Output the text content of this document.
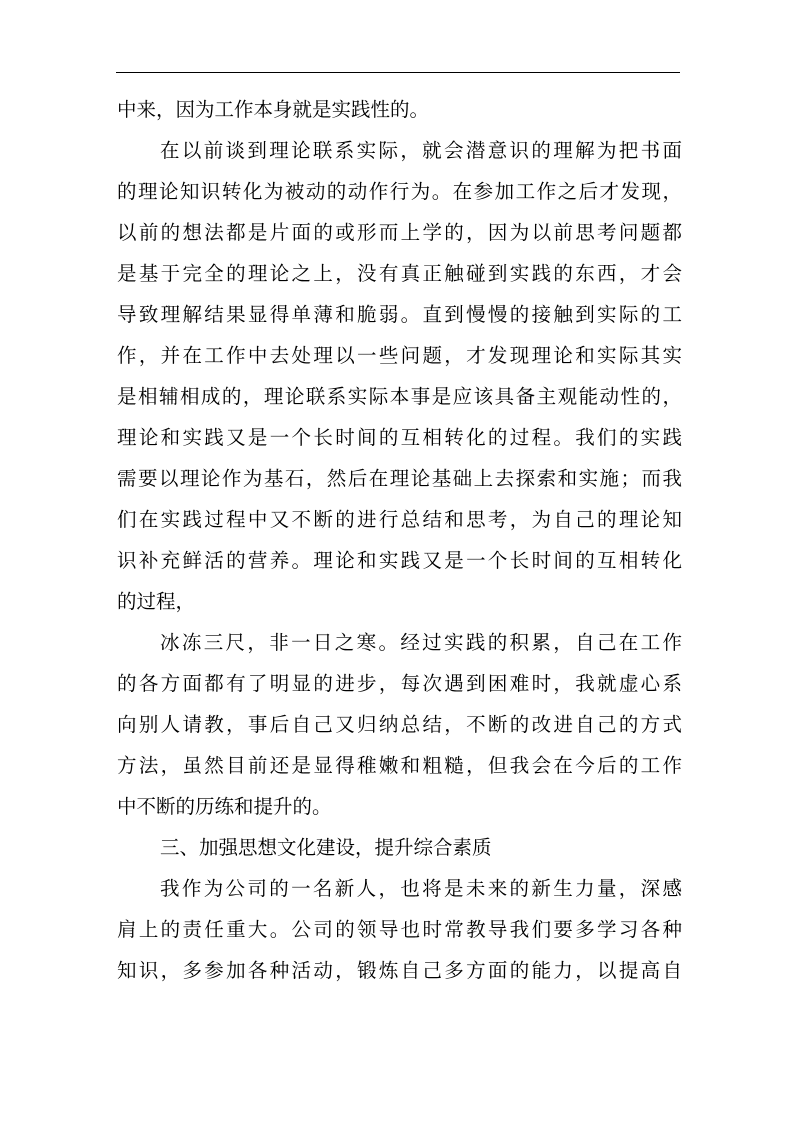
中来，因为工作本身就是实践性的。
在以前谈到理论联系实际，就会潜意识的理解为把书面
的理论知识转化为被动的动作行为。在参加工作之后才发现，
以前的想法都是片面的或形而上学的，因为以前思考问题都
是基于完全的理论之上，没有真正触碰到实践的东西，才会
导致理解结果显得单薄和脆弱。直到慢慢的接触到实际的工
作，并在工作中去处理以一些问题，才发现理论和实际其实
是相辅相成的，理论联系实际本事是应该具备主观能动性的，
理论和实践又是一个长时间的互相转化的过程。我们的实践
需要以理论作为基石，然后在理论基础上去探索和实施；而我
们在实践过程中又不断的进行总结和思考，为自己的理论知
识补充鲜活的营养。理论和实践又是一个长时间的互相转化
的过程，
冰冻三尺，非一日之寒。经过实践的积累，自己在工作
的各方面都有了明显的进步，每次遇到困难时，我就虚心系
向别人请教，事后自己又归纳总结，不断的改进自己的方式
方法，虽然目前还是显得稚嫩和粗糙，但我会在今后的工作
中不断的历练和提升的。
三、加强思想文化建设，提升综合素质
我作为公司的一名新人，也将是未来的新生力量，深感
肩上的责任重大。公司的领导也时常教导我们要多学习各种
知识，多参加各种活动，锻炼自己多方面的能力，以提高自
